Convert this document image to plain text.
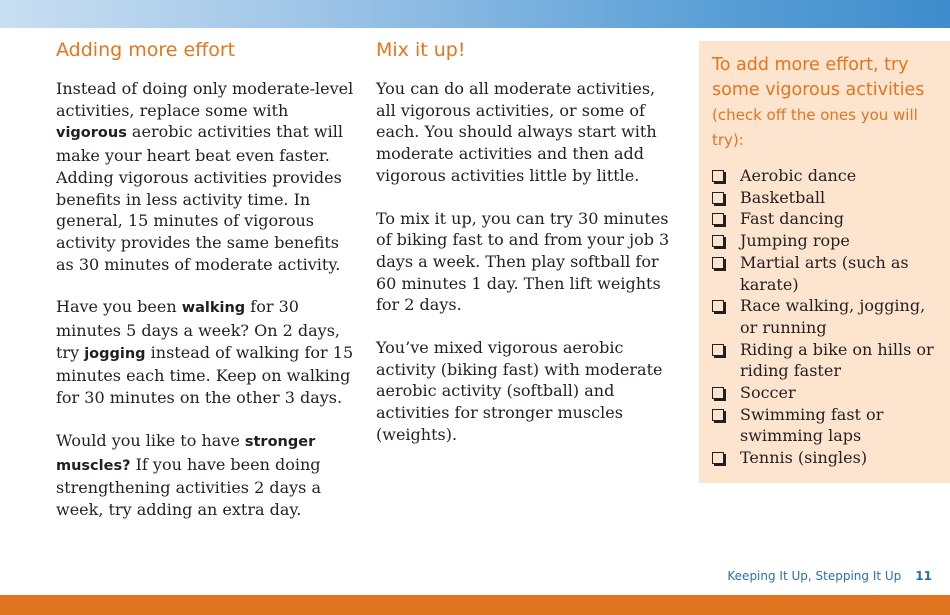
Adding more effort

Instead of doing only moderate-level activities, replace some with vigorous aerobic activities that will make your heart beat even faster. Adding vigorous activities provides benefits in less activity time. In general, 15 minutes of vigorous activity provides the same benefits as 30 minutes of moderate activity.

Have you been walking for 30 minutes 5 days a week? On 2 days, try jogging instead of walking for 15 minutes each time. Keep on walking for 30 minutes on the other 3 days.

Would you like to have stronger muscles? If you have been doing strengthening activities 2 days a week, try adding an extra day.

Mix it up!

You can do all moderate activities, all vigorous activities, or some of each. You should always start with moderate activities and then add vigorous activities little by little.

To mix it up, you can try 30 minutes of biking fast to and from your job 3 days a week. Then play softball for 60 minutes 1 day. Then lift weights for 2 days.

You’ve mixed vigorous aerobic activity (biking fast) with moderate aerobic activity (softball) and activities for stronger muscles (weights).

To add more effort, try some vigorous activities
(check off the ones you will try):
Aerobic dance
Basketball
Fast dancing
Jumping rope
Martial arts (such as karate)
Race walking, jogging, or running
Riding a bike on hills or riding faster
Soccer
Swimming fast or swimming laps
Tennis (singles)
Keeping It Up, Stepping It Up 11
